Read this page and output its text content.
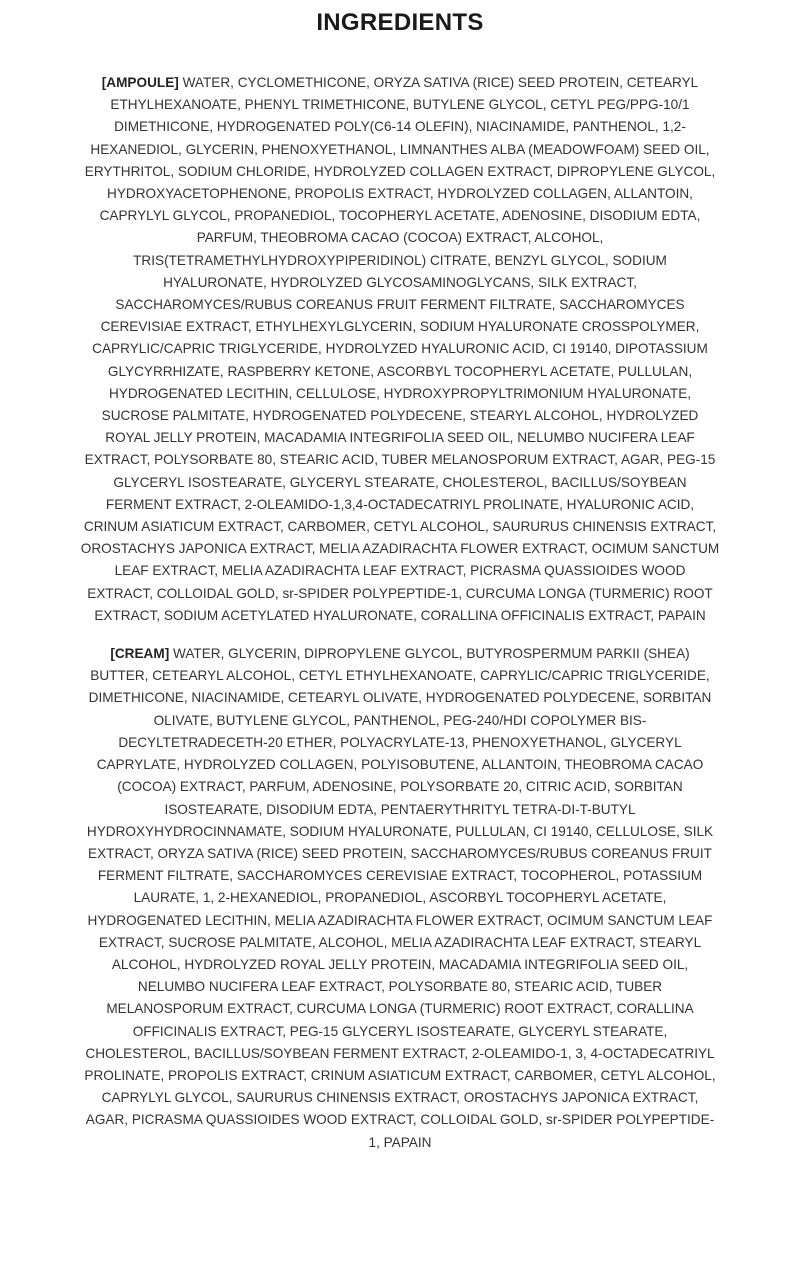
INGREDIENTS

[AMPOULE] WATER, CYCLOMETHICONE, ORYZA SATIVA (RICE) SEED PROTEIN, CETEARYL ETHYLHEXANOATE, PHENYL TRIMETHICONE, BUTYLENE GLYCOL, CETYL PEG/PPG-10/1 DIMETHICONE, HYDROGENATED POLY(C6-14 OLEFIN), NIACINAMIDE, PANTHENOL, 1,2-HEXANEDIOL, GLYCERIN, PHENOXYETHANOL, LIMNANTHES ALBA (MEADOWFOAM) SEED OIL, ERYTHRITOL, SODIUM CHLORIDE, HYDROLYZED COLLAGEN EXTRACT, DIPROPYLENE GLYCOL, HYDROXYACETOPHENONE, PROPOLIS EXTRACT, HYDROLYZED COLLAGEN, ALLANTOIN, CAPRYLYL GLYCOL, PROPANEDIOL, TOCOPHERYL ACETATE, ADENOSINE, DISODIUM EDTA, PARFUM, THEOBROMA CACAO (COCOA) EXTRACT, ALCOHOL, TRIS(TETRAMETHYLHYDROXYPIPERIDINOL) CITRATE, BENZYL GLYCOL, SODIUM HYALURONATE, HYDROLYZED GLYCOSAMINOGLYCANS, SILK EXTRACT, SACCHAROMYCES/RUBUS COREANUS FRUIT FERMENT FILTRATE, SACCHAROMYCES CEREVISIAE EXTRACT, ETHYLHEXYLGLYCERIN, SODIUM HYALURONATE CROSSPOLYMER, CAPRYLIC/CAPRIC TRIGLYCERIDE, HYDROLYZED HYALURONIC ACID, CI 19140, DIPOTASSIUM GLYCYRRHIZATE, RASPBERRY KETONE, ASCORBYL TOCOPHERYL ACETATE, PULLULAN, HYDROGENATED LECITHIN, CELLULOSE, HYDROXYPROPYLTRIMONIUM HYALURONATE, SUCROSE PALMITATE, HYDROGENATED POLYDECENE, STEARYL ALCOHOL, HYDROLYZED ROYAL JELLY PROTEIN, MACADAMIA INTEGRIFOLIA SEED OIL, NELUMBO NUCIFERA LEAF EXTRACT, POLYSORBATE 80, STEARIC ACID, TUBER MELANOSPORUM EXTRACT, AGAR, PEG-15 GLYCERYL ISOSTEARATE, GLYCERYL STEARATE, CHOLESTEROL, BACILLUS/SOYBEAN FERMENT EXTRACT, 2-OLEAMIDO-1,3,4-OCTADECATRIYL PROLINATE, HYALURONIC ACID, CRINUM ASIATICUM EXTRACT, CARBOMER, CETYL ALCOHOL, SAURURUS CHINENSIS EXTRACT, OROSTACHYS JAPONICA EXTRACT, MELIA AZADIRACHTA FLOWER EXTRACT, OCIMUM SANCTUM LEAF EXTRACT, MELIA AZADIRACHTA LEAF EXTRACT, PICRASMA QUASSIOIDES WOOD EXTRACT, COLLOIDAL GOLD, sr-SPIDER POLYPEPTIDE-1, CURCUMA LONGA (TURMERIC) ROOT EXTRACT, SODIUM ACETYLATED HYALURONATE, CORALLINA OFFICINALIS EXTRACT, PAPAIN

[CREAM] WATER, GLYCERIN, DIPROPYLENE GLYCOL, BUTYROSPERMUM PARKII (SHEA) BUTTER, CETEARYL ALCOHOL, CETYL ETHYLHEXANOATE, CAPRYLIC/CAPRIC TRIGLYCERIDE, DIMETHICONE, NIACINAMIDE, CETEARYL OLIVATE, HYDROGENATED POLYDECENE, SORBITAN OLIVATE, BUTYLENE GLYCOL, PANTHENOL, PEG-240/HDI COPOLYMER BIS-DECYLTETRADECETH-20 ETHER, POLYACRYLATE-13, PHENOXYETHANOL, GLYCERYL CAPRYLATE, HYDROLYZED COLLAGEN, POLYISOBUTENE, ALLANTOIN, THEOBROMA CACAO (COCOA) EXTRACT, PARFUM, ADENOSINE, POLYSORBATE 20, CITRIC ACID, SORBITAN ISOSTEARATE, DISODIUM EDTA, PENTAERYTHRITYL TETRA-DI-T-BUTYL HYDROXYHYDROCINNAMATE, SODIUM HYALURONATE, PULLULAN, CI 19140, CELLULOSE, SILK EXTRACT, ORYZA SATIVA (RICE) SEED PROTEIN, SACCHAROMYCES/RUBUS COREANUS FRUIT FERMENT FILTRATE, SACCHAROMYCES CEREVISIAE EXTRACT, TOCOPHEROL, POTASSIUM LAURATE, 1, 2-HEXANEDIOL, PROPANEDIOL, ASCORBYL TOCOPHERYL ACETATE, HYDROGENATED LECITHIN, MELIA AZADIRACHTA FLOWER EXTRACT, OCIMUM SANCTUM LEAF EXTRACT, SUCROSE PALMITATE, ALCOHOL, MELIA AZADIRACHTA LEAF EXTRACT, STEARYL ALCOHOL, HYDROLYZED ROYAL JELLY PROTEIN, MACADAMIA INTEGRIFOLIA SEED OIL, NELUMBO NUCIFERA LEAF EXTRACT, POLYSORBATE 80, STEARIC ACID, TUBER MELANOSPORUM EXTRACT, CURCUMA LONGA (TURMERIC) ROOT EXTRACT, CORALLINA OFFICINALIS EXTRACT, PEG-15 GLYCERYL ISOSTEARATE, GLYCERYL STEARATE, CHOLESTEROL, BACILLUS/SOYBEAN FERMENT EXTRACT, 2-OLEAMIDO-1, 3, 4-OCTADECATRIYL PROLINATE, PROPOLIS EXTRACT, CRINUM ASIATICUM EXTRACT, CARBOMER, CETYL ALCOHOL, CAPRYLYL GLYCOL, SAURURUS CHINENSIS EXTRACT, OROSTACHYS JAPONICA EXTRACT, AGAR, PICRASMA QUASSIOIDES WOOD EXTRACT, COLLOIDAL GOLD, sr-SPIDER POLYPEPTIDE-1, PAPAIN
